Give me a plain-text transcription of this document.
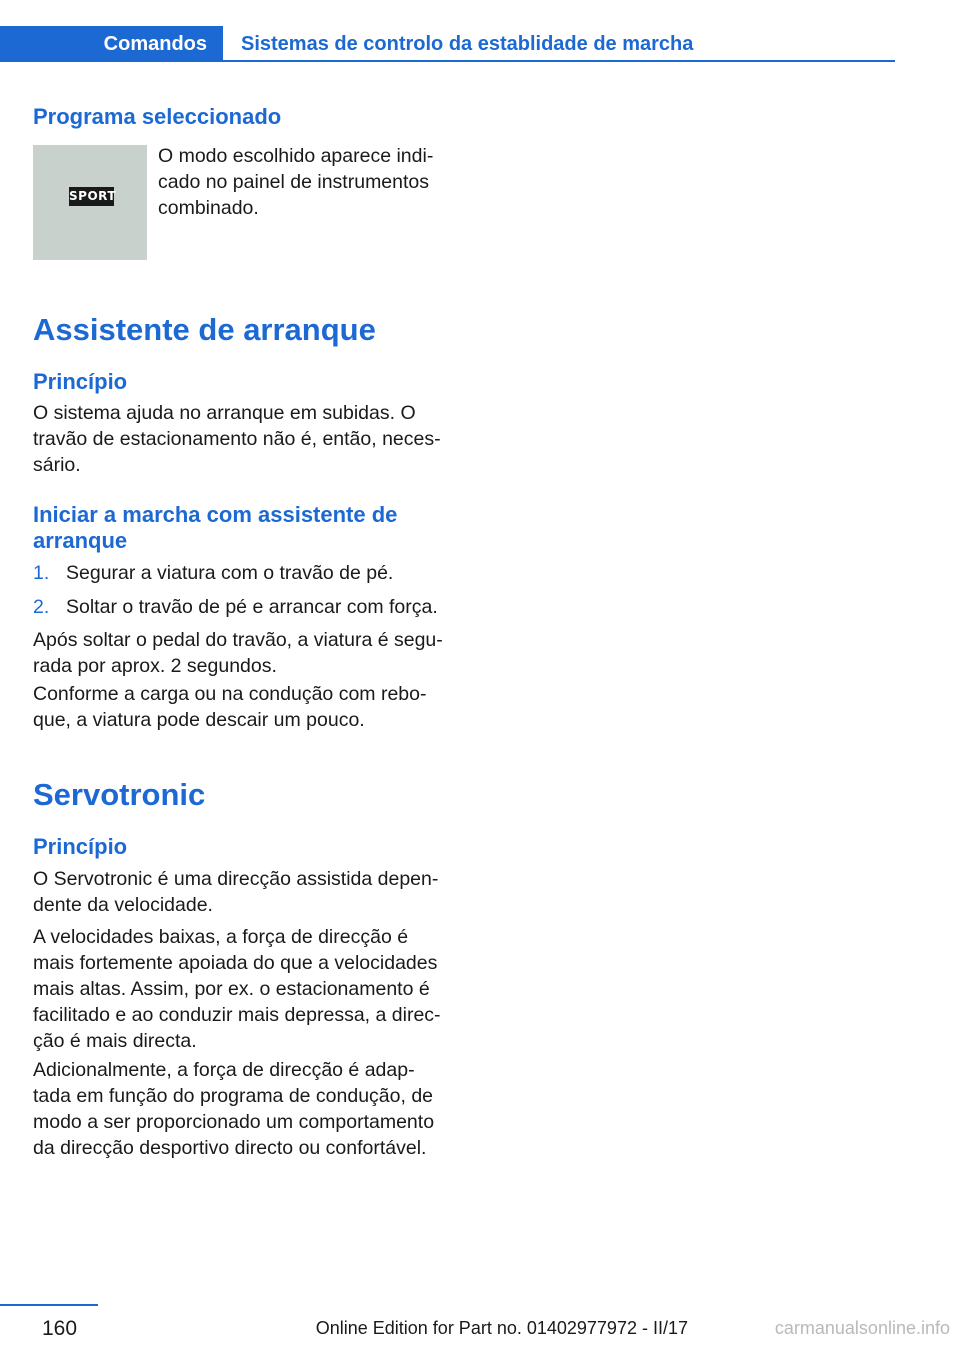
Comandos	Sistemas de controlo da establidade de marcha
Programa seleccionado
SPORT

O modo escolhido aparece indi-

cado no painel de instrumentos

combinado.

Assistente de arranque
Princípio

O sistema ajuda no arranque em subidas. O

travão de estacionamento não é, então, neces-

sário.

Iniciar a marcha com assistente de
arranque
1. Segurar a viatura com o travão de pé.
2. Soltar o travão de pé e arrancar com força.

Após soltar o pedal do travão, a viatura é segu-

rada por aprox. 2 segundos.

Conforme a carga ou na condução com rebo-

que, a viatura pode descair um pouco.

Servotronic
Princípio

O Servotronic é uma direcção assistida depen-

dente da velocidade.

A velocidades baixas, a força de direcção é

mais fortemente apoiada do que a velocidades

mais altas. Assim, por ex. o estacionamento é

facilitado e ao conduzir mais depressa, a direc-

ção é mais directa.

Adicionalmente, a força de direcção é adap-

tada em função do programa de condução, de

modo a ser proporcionado um comportamento

da direcção desportivo directo ou confortável.

160	Online Edition for Part no. 01402977972 - II/17	carmanualsonline.info
